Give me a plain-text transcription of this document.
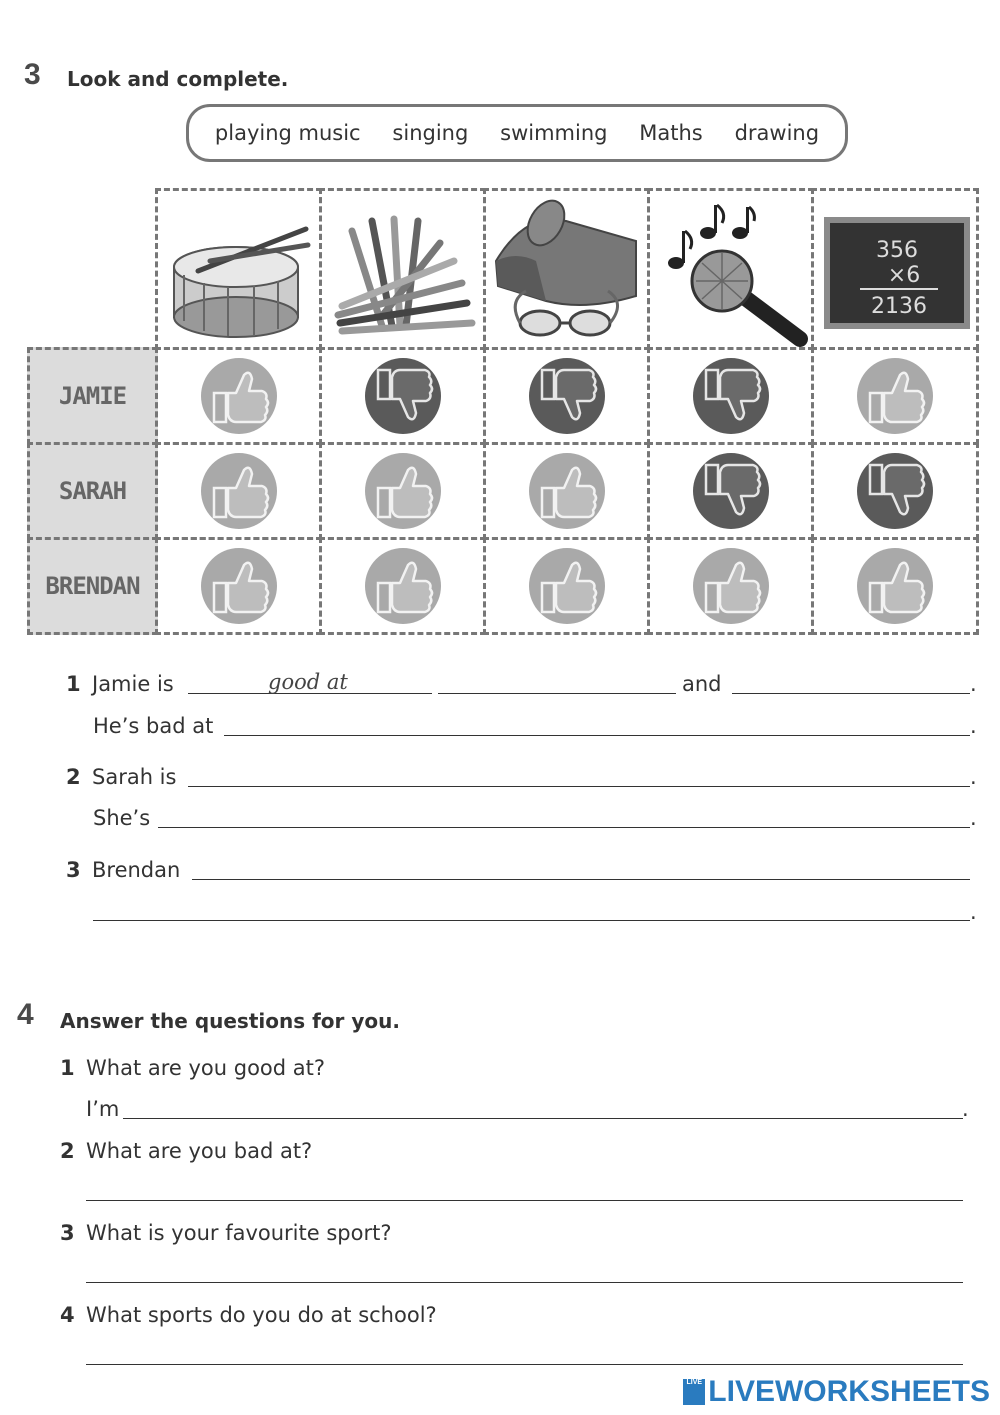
3 Look and complete.
playing music singing swimming Maths drawing
356
×6
2136
JAMIE
SARAH
BRENDAN
1 Jamie is	good at	and	.
He’s bad at	.
2 Sarah is	.
She’s	.
3 Brendan
.
4 Answer the questions for you.
1 What are you good at?
I’m	.
2 What are you bad at?
3 What is your favourite sport?
4 What sports do you do at school?
LIVE LIVEWORKSHEETS
